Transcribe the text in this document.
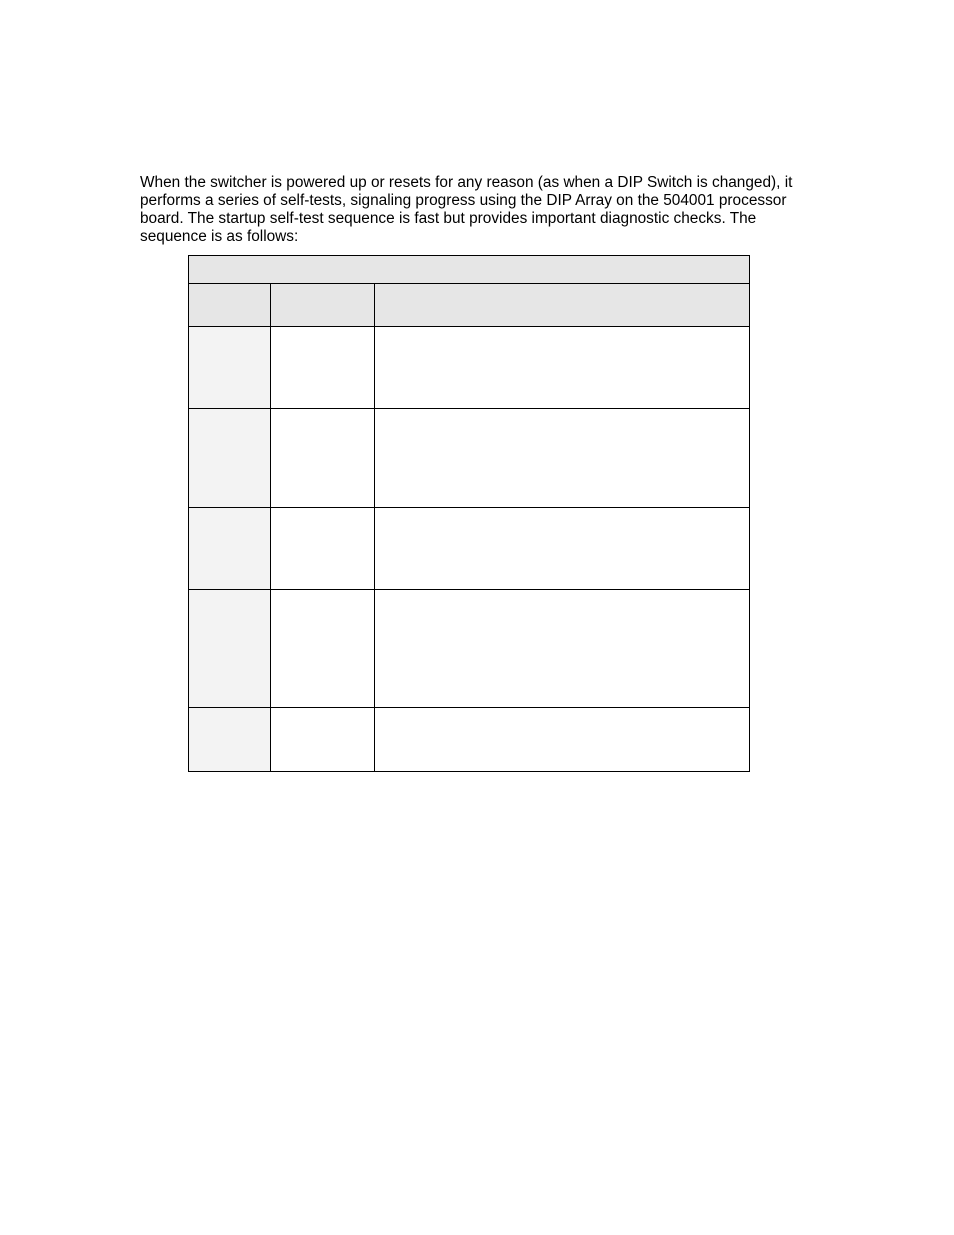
When the switcher is powered up or resets for any reason (as when a DIP Switch is changed), it
performs a series of self-tests, signaling progress using the DIP Array on the 504001 processor
board. The startup self-test sequence is fast but provides important diagnostic checks. The
sequence is as follows:
